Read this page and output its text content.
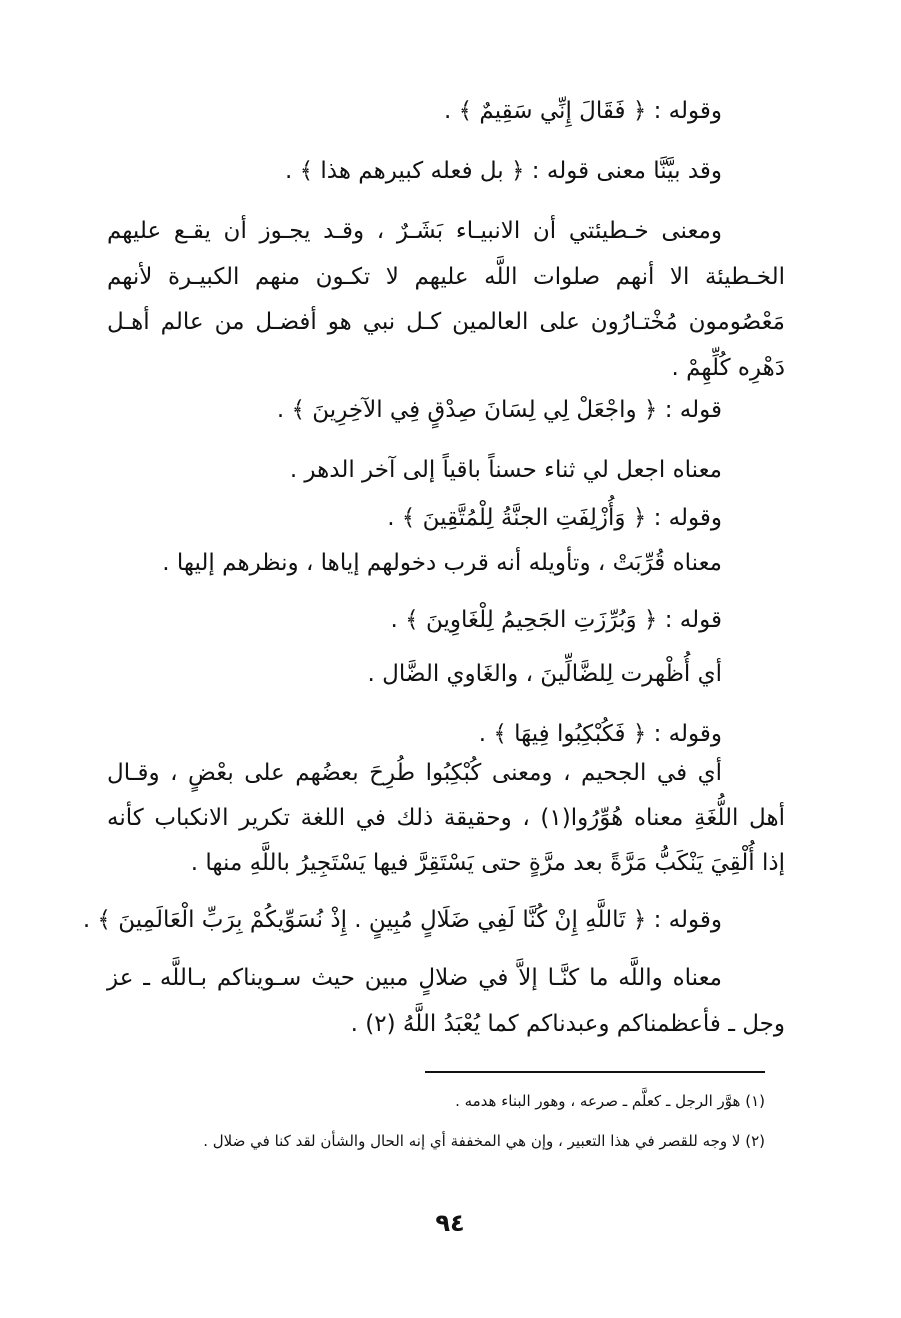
وقوله : ﴿ فَقَالَ إِنِّي سَقِيمٌ ﴾ .
وقد بيَّنَّا معنى قوله : ﴿ بل فعله كبيرهم هذا ﴾ .
ومعنى خـطيئتي أن الانبيـاء بَشَـرٌ ، وقـد يجـوز أن يقـع عليهم
الخـطيئة الا أنهم صلوات اللَّه عليهم لا تكـون منهم الكبيـرة لأنهم
مَعْصُومون مُخْتـارُون على العالمين كـل نبي هو أفضـل من عالم أهـل
دَهْرِه كُلِّهِمْ .
قوله : ﴿ واجْعَلْ لِي لِسَانَ صِدْقٍ فِي الآخِرِينَ ﴾ .
معناه اجعل لي ثناء حسناً باقياً إلى آخر الدهر .
وقوله : ﴿ وَأُزْلِفَتِ الجنَّةُ لِلْمُتَّقِينَ ﴾ .
معناه قُرِّبَتْ ، وتأويله أنه قرب دخولهم إياها ، ونظرهم إليها .
قوله : ﴿ وَبُرِّزَتِ الجَحِيمُ لِلْغَاوِينَ ﴾ .
أي أُظْهرت لِلضَّالِّينَ ، والغَاوي الضَّال .
وقوله : ﴿ فَكُبْكِبُوا فِيهَا ﴾ .
أي في الجحيم ، ومعنى كُبْكِبُوا طُرِحَ بعضُهم على بعْضٍ ، وقـال
أهل اللُّغَةِ معناه هُوِّرُوا(١) ، وحقيقة ذلك في اللغة تكرير الانكباب كأنه
إذا أُلْقِيَ يَنْكَبُّ مَرَّةً بعد مرَّةٍ حتى يَسْتَقِرَّ فيها يَسْتَجِيرُ باللَّهِ منها .
وقوله : ﴿ تَاللَّهِ إِنْ كُنَّا لَفِي ضَلَالٍ مُبِينٍ . إِذْ نُسَوِّيكُمْ بِرَبِّ الْعَالَمِينَ ﴾ .
معناه واللَّه ما كنَّـا إلاَّ في ضلالٍ مبين حيث سـويناكم بـاللَّه ـ عز
وجل ـ فأعظمناكم وعبدناكم كما يُعْبَدُ اللَّهُ (٢) .
(١) هوَّر الرجل ـ كعلَّم ـ صرعه ، وهور البناء هدمه .
(٢) لا وجه للقصر في هذا التعبير ، وإن هي المخففة أي إنه الحال والشأن لقد كنا في ضلال .
٩٤
